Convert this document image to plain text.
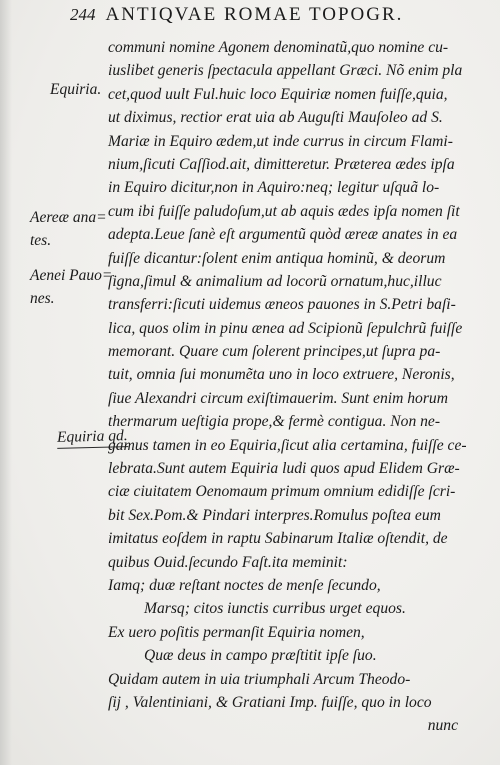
244 ANTIQVAE ROMAE TOPOGR.
Equiria.
Aereæ ana=
tes.
Aenei Pauo=
nes.

Equiria qd.

communi nomine Agonem denominatũ,quo nomine cu-
iuslibet generis ſpectacula appellant Græci. Nõ enim pla
cet,quod uult Ful.huic loco Equiriæ nomen fuiſſe,quia,
ut diximus, rectior erat uia ab Auguſti Mauſoleo ad S.
Mariæ in Equiro ædem,ut inde currus in circum Flami-
nium,ſicuti Caſſiod.ait, dimitteretur. Præterea ædes ipſa
in Equiro dicitur,non in Aquiro:neq; legitur uſquã lo-
cum ibi fuiſſe paludoſum,ut ab aquis ædes ipſa nomen ſit
adepta.Leue ſanè eſt argumentũ quòd æreæ anates in ea
fuiſſe dicantur:ſolent enim antiqua hominũ, & deorum
ſigna,ſimul & animalium ad locorũ ornatum,huc,illuc
transferri:ſicuti uidemus æneos pauones in S.Petri baſi-
lica, quos olim in pinu ænea ad Scipionũ ſepulchrũ fuiſſe
memorant. Quare cum ſolerent principes,ut ſupra pa-
tuit, omnia ſui monumẽta uno in loco extruere, Neronis,
ſiue Alexandri circum exiſtimauerim. Sunt enim horum
thermarum ueſtigia prope,& fermè contigua. Non ne-
gamus tamen in eo Equiria,ſicut alia certamina, fuiſſe ce-
lebrata.Sunt autem Equiria ludi quos apud Elidem Græ-
ciæ ciuitatem Oenomaum primum omnium edidiſſe ſcri-
bit Sex.Pom.& Pindari interpres.Romulus poſtea eum
imitatus eoſdem in raptu Sabinarum Italiæ oſtendit, de
quibus Ouid.ſecundo Faſt.ita meminit:
Iamq; duæ reſtant noctes de menſe ſecundo,
Marsq; citos iunctis curribus urget equos.
Ex uero poſitis permanſit Equiria nomen,
Quæ deus in campo præſtitit ipſe ſuo.
Quidam autem in uia triumphali Arcum Theodo-
ſij , Valentiniani, & Gratiani Imp. fuiſſe, quo in loco
nunc
